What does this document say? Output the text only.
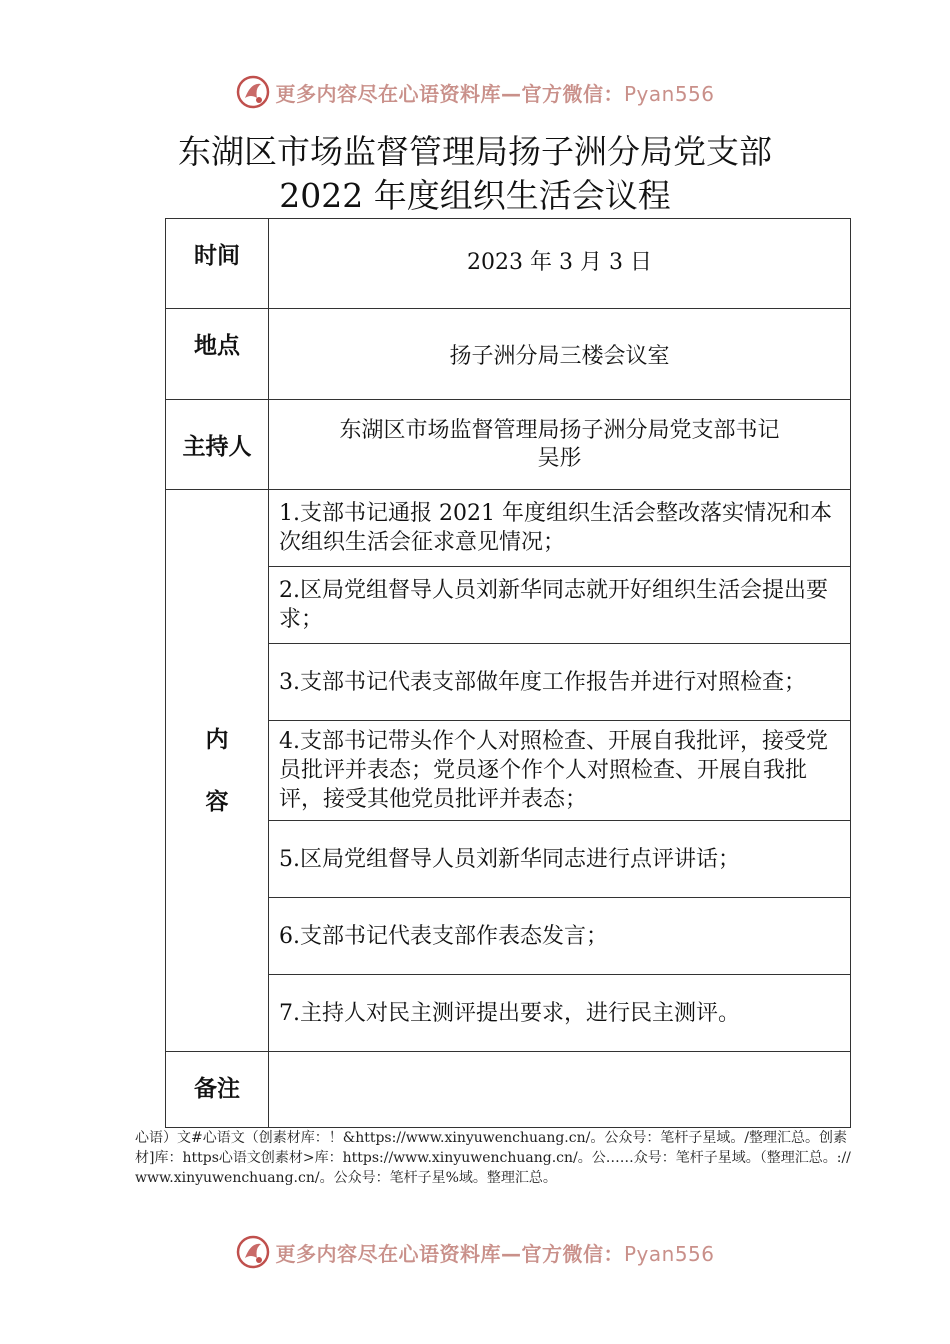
更多内容尽在心语资料库—官方微信：Pyan556
东湖区市场监督管理局扬子洲分局党支部
2022 年度组织生活会议程
时间	2023 年 3 月 3 日
地点	扬子洲分局三楼会议室
主持人	东湖区市场监督管理局扬子洲分局党支部书记
吴彤

内
容	1.支部书记通报 2021 年度组织生活会整改落实情况和本次组织生活会征求意见情况；
	2.区局党组督导人员刘新华同志就开好组织生活会提出要求；
	3.支部书记代表支部做年度工作报告并进行对照检查；
	4.支部书记带头作个人对照检查、开展自我批评，接受党员批评并表态；党员逐个作个人对照检查、开展自我批评，接受其他党员批评并表态；
	5.区局党组督导人员刘新华同志进行点评讲话；
	6.支部书记代表支部作表态发言；
	7.主持人对民主测评提出要求，进行民主测评。
备注	
心语）文#心语文（创素材库：！&https://www.xinyuwenchuang.cn/。公众号：笔杆子星域。/整理汇总。创素材]库：https心语文创素材>库：https://www.xinyuwenchuang.cn/。公……众号：笔杆子星域。（整理汇总。://www.xinyuwenchuang.cn/。公众号：笔杆子星%域。整理汇总。
更多内容尽在心语资料库—官方微信：Pyan556
